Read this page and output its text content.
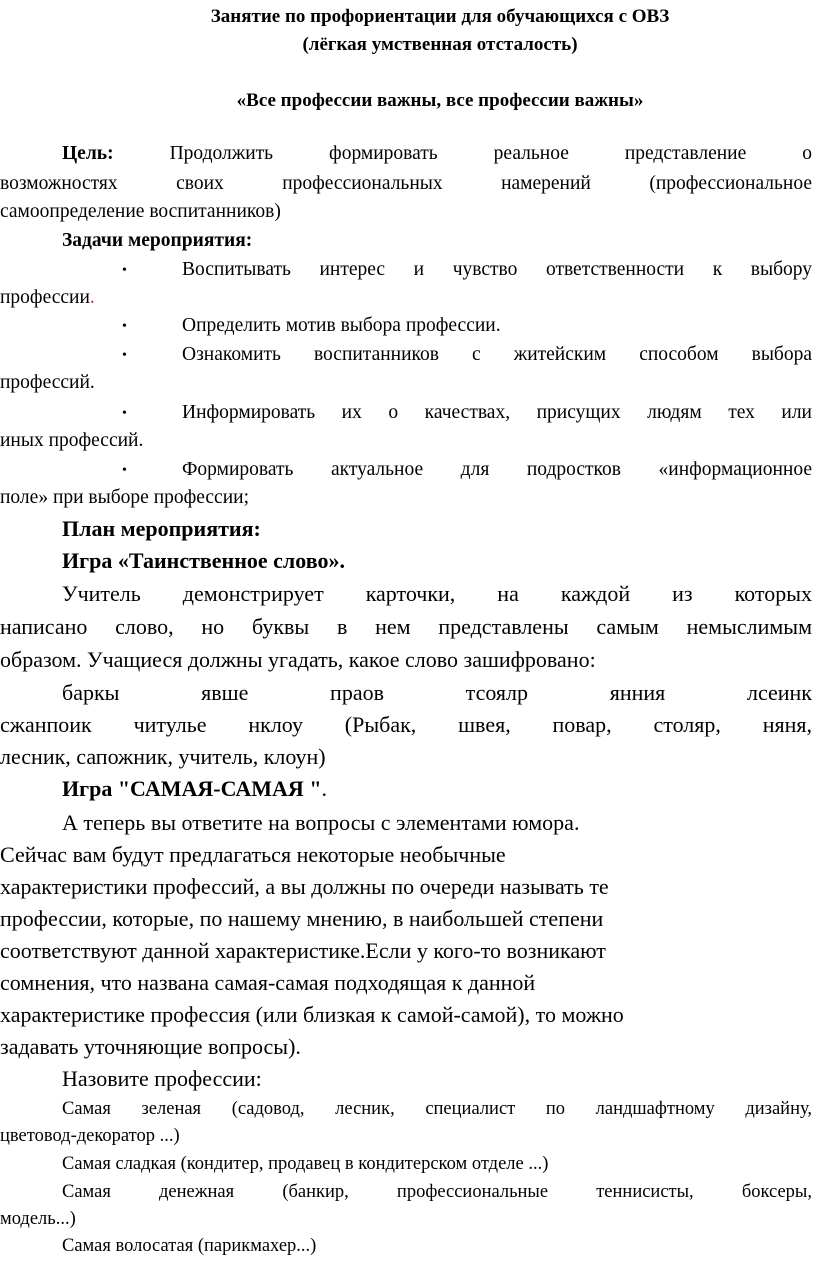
Занятие по профориентации для обучающихся с ОВЗ
(лёгкая умственная отсталость)
«Все профессии важны, все профессии важны»
Цель:	Продолжить формировать реальное представление о
возможностях своих профессиональных намерений (профессиональное
самоопределение воспитанников)
Задачи мероприятия:
•	Воспитывать интерес и чувство ответственности к выбору
профессии.
•	Определить мотив выбора профессии.
•	Ознакомить воспитанников с житейским способом выбора
профессий.
•	Информировать их о качествах, присущих людям тех или
иных профессий.
•	Формировать актуальное для подростков «информационное
поле» при выборе профессии;
План мероприятия:
Игра «Таинственное слово».
Учитель демонстрирует карточки, на каждой из которых
написано слово, но буквы в нем представлены самым немыслимым
образом. Учащиеся должны угадать, какое слово зашифровано:
баркы явше праов тсоялр янния лсеинк
сжанпоик читулье нклоу (Рыбак, швея, повар, столяр, няня,
лесник, сапожник, учитель, клоун)
Игра "САМАЯ-САМАЯ ".
А теперь вы ответите на вопросы с элементами юмора.
Сейчас вам будут предлагаться некоторые необычные
характеристики профессий, а вы должны по очереди называть те
профессии, которые, по нашему мнению, в наибольшей степени
соответствуют данной характеристике.Если у кого-то возникают
сомнения, что названа самая-самая подходящая к данной
характеристике профессия (или близкая к самой-самой), то можно
задавать уточняющие вопросы).
Назовите профессии:
Самая зеленая (садовод, лесник, специалист по ландшафтному дизайну,
цветовод-декоратор ...)
Самая сладкая (кондитер, продавец в кондитерском отделе ...)
Самая денежная (банкир, профессиональные теннисисты, боксеры,
модель...)
Самая волосатая (парикмахер...)
